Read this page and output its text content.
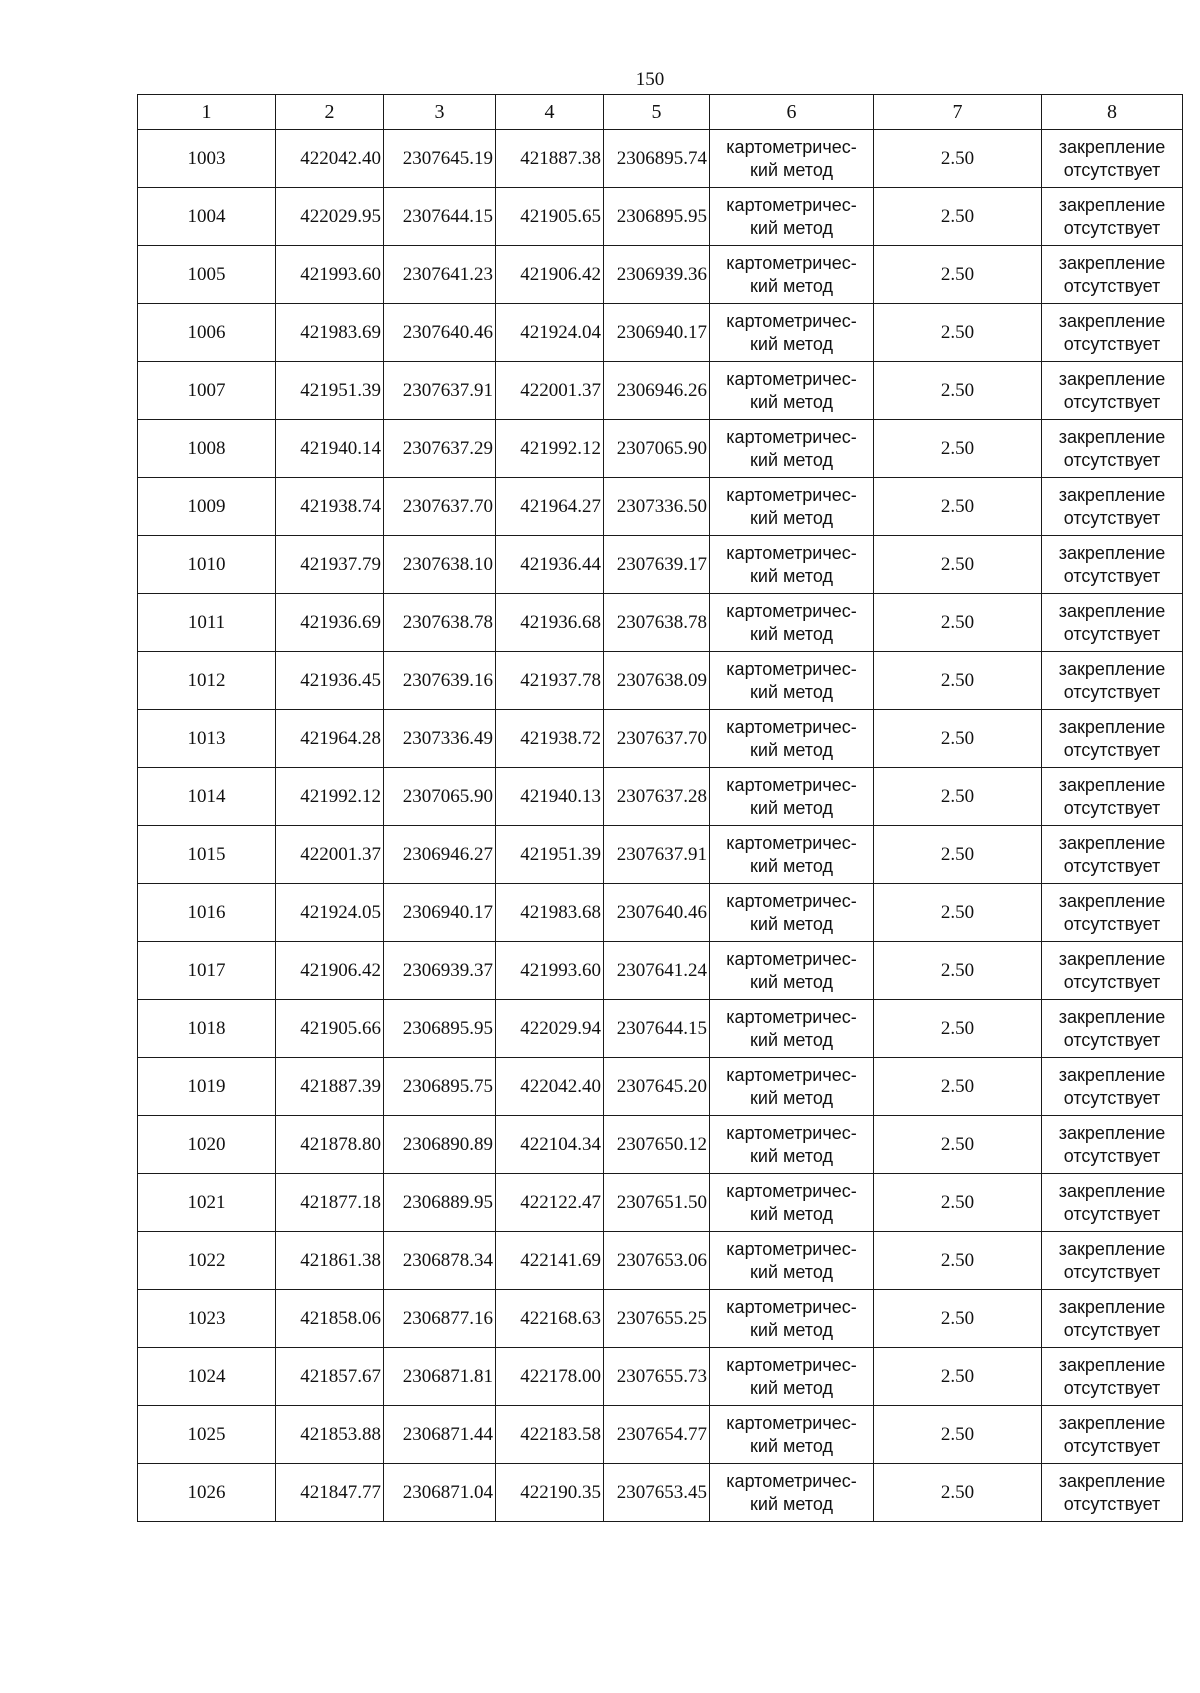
150
1	2	3	4	5	6	7	8
1003	422042.40	2307645.19	421887.38	2306895.74	картометричес-
кий метод	2.50	закрепление
отсутствует

1004	422029.95	2307644.15	421905.65	2306895.95	картометричес-
кий метод	2.50	закрепление
отсутствует

1005	421993.60	2307641.23	421906.42	2306939.36	картометричес-
кий метод	2.50	закрепление
отсутствует

1006	421983.69	2307640.46	421924.04	2306940.17	картометричес-
кий метод	2.50	закрепление
отсутствует

1007	421951.39	2307637.91	422001.37	2306946.26	картометричес-
кий метод	2.50	закрепление
отсутствует

1008	421940.14	2307637.29	421992.12	2307065.90	картометричес-
кий метод	2.50	закрепление
отсутствует

1009	421938.74	2307637.70	421964.27	2307336.50	картометричес-
кий метод	2.50	закрепление
отсутствует

1010	421937.79	2307638.10	421936.44	2307639.17	картометричес-
кий метод	2.50	закрепление
отсутствует

1011	421936.69	2307638.78	421936.68	2307638.78	картометричес-
кий метод	2.50	закрепление
отсутствует

1012	421936.45	2307639.16	421937.78	2307638.09	картометричес-
кий метод	2.50	закрепление
отсутствует

1013	421964.28	2307336.49	421938.72	2307637.70	картометричес-
кий метод	2.50	закрепление
отсутствует

1014	421992.12	2307065.90	421940.13	2307637.28	картометричес-
кий метод	2.50	закрепление
отсутствует

1015	422001.37	2306946.27	421951.39	2307637.91	картометричес-
кий метод	2.50	закрепление
отсутствует

1016	421924.05	2306940.17	421983.68	2307640.46	картометричес-
кий метод	2.50	закрепление
отсутствует

1017	421906.42	2306939.37	421993.60	2307641.24	картометричес-
кий метод	2.50	закрепление
отсутствует

1018	421905.66	2306895.95	422029.94	2307644.15	картометричес-
кий метод	2.50	закрепление
отсутствует

1019	421887.39	2306895.75	422042.40	2307645.20	картометричес-
кий метод	2.50	закрепление
отсутствует

1020	421878.80	2306890.89	422104.34	2307650.12	картометричес-
кий метод	2.50	закрепление
отсутствует

1021	421877.18	2306889.95	422122.47	2307651.50	картометричес-
кий метод	2.50	закрепление
отсутствует

1022	421861.38	2306878.34	422141.69	2307653.06	картометричес-
кий метод	2.50	закрепление
отсутствует

1023	421858.06	2306877.16	422168.63	2307655.25	картометричес-
кий метод	2.50	закрепление
отсутствует

1024	421857.67	2306871.81	422178.00	2307655.73	картометричес-
кий метод	2.50	закрепление
отсутствует

1025	421853.88	2306871.44	422183.58	2307654.77	картометричес-
кий метод	2.50	закрепление
отсутствует

1026	421847.77	2306871.04	422190.35	2307653.45	картометричес-
кий метод	2.50	закрепление
отсутствует
